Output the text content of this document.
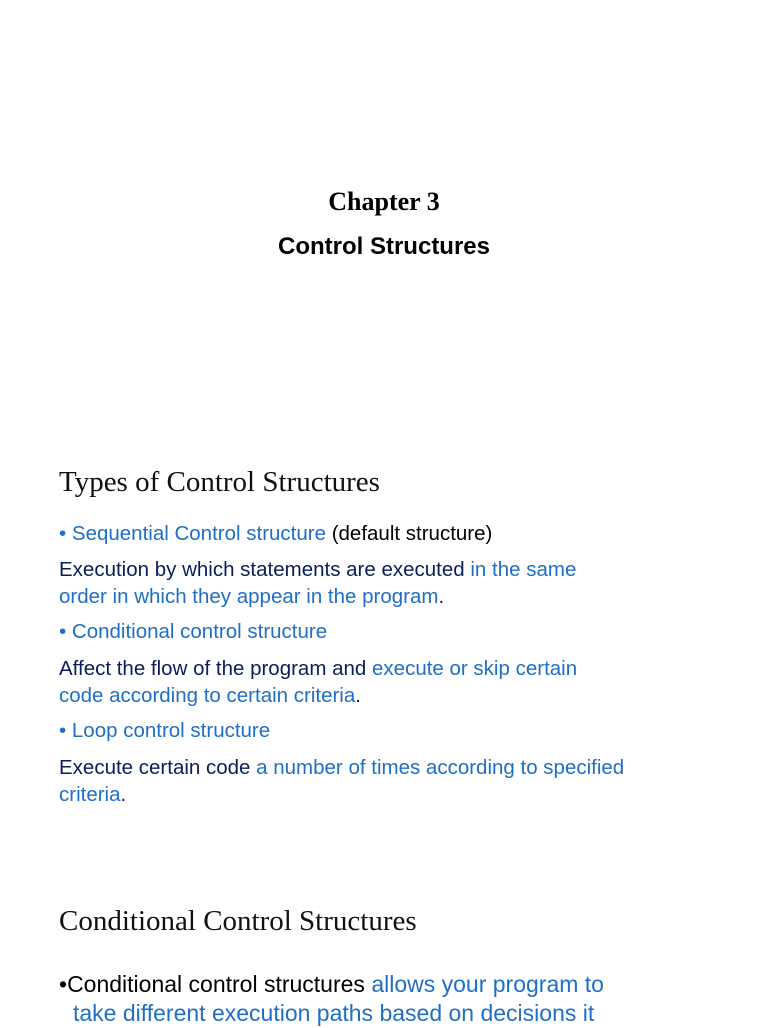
Chapter 3
Control Structures
Types of Control Structures
• Sequential Control structure (default structure)
Execution by which statements are executed in the same
order in which they appear in the program.
• Conditional control structure
Affect the flow of the program and execute or skip certain
code according to certain criteria.
• Loop control structure
Execute certain code a number of times according to specified
criteria.
Conditional Control Structures
•Conditional control structures allows your program to
take different execution paths based on decisions it
